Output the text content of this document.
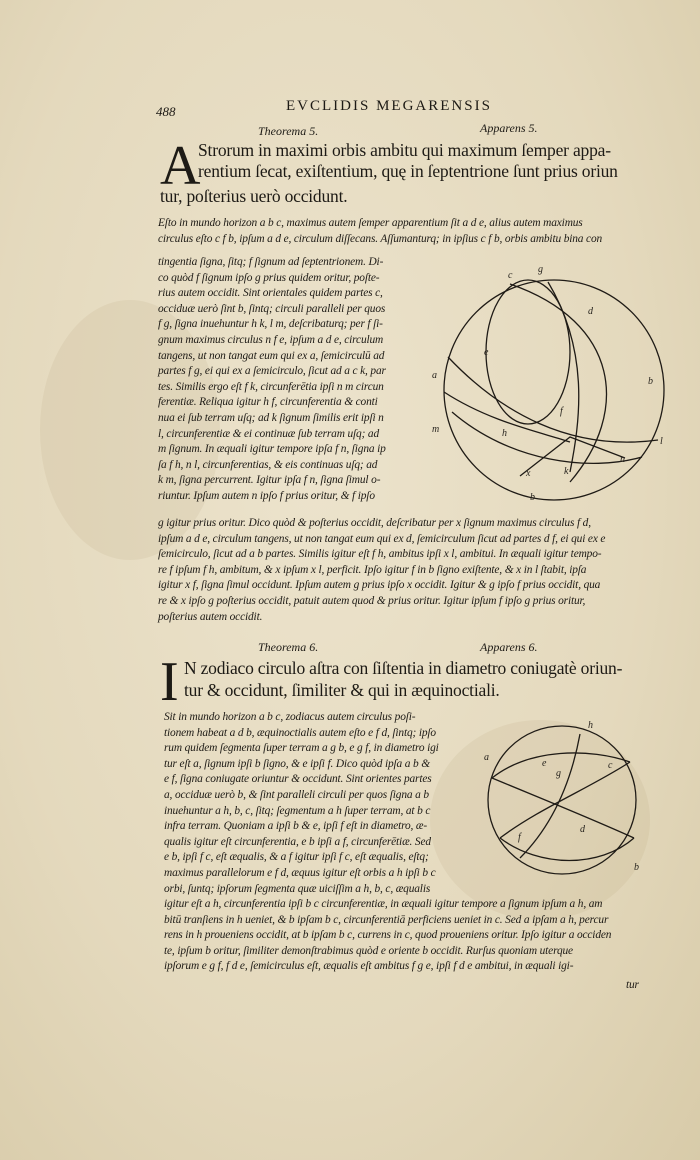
488	EVCLIDIS MEGARENSIS
Theorema 5.	Apparens 5.
A
Strorum in maximi orbis ambitu qui maximum ſemper appa-
rentium ſecat, exiſtentium, quę in ſeptentrione ſunt prius oriun
tur, poſterius uerò occidunt.
Eſto in mundo horizon a b c, maximus autem ſemper apparentium ſit a d e, alius autem maximus
circulus eſto c f b, ipſum a d e, circulum diſſecans. Aſſumanturq; in ipſius c f b, orbis ambitu bina con
tingentia ſigna, ſitq; f ſignum ad ſeptentrionem. Di-
co quòd f ſignum ipſo g prius quidem oritur, poſte-
rius autem occidit. Sint orientales quidem partes c,
occiduæ uerò ſint b, ſintq; circuli paralleli per quos
f g, ſigna inuehuntur h k, l m, deſcribaturq; per f ſi-
gnum maximus circulus n f e, ipſum a d e, circulum
tangens, ut non tangat eum qui ex a, ſemicirculū ad
partes f g, ei qui ex a ſemicirculo, ſicut ad a c k, par
tes. Similis ergo eſt f k, circunferētia ipſi n m circun
ferentiæ. Reliqua igitur h f, circunferentia & conti
nua ei ſub terram uſq; ad k ſignum ſimilis erit ipſi n
l, circunferentiæ & ei continuæ ſub terram uſq; ad
m ſignum. In æquali igitur tempore ipſa f n, ſigna ip
ſa f h, n l, circunferentias, & eis continuas uſq; ad
k m, ſigna percurrent. Igitur ipſa f n, ſigna ſimul o-
riuntur. Ipſum autem n ipſo f prius oritur, & f ipſo
g igitur prius oritur. Dico quòd & poſterius occidit, deſcribatur per x ſignum maximus circulus f d,
ipſum a d e, circulum tangens, ut non tangat eum qui ex d, ſemicirculum ſicut ad partes d f, ei qui ex e
ſemicirculo, ſicut ad a b partes. Similis igitur eſt f h, ambitus ipſi x l, ambitui. In æquali igitur tempo-
re f ipſum f h, ambitum, & x ipſum x l, perficit. Ipſo igitur f in b ſigno exiſtente, & x in l ſtabit, ipſa
igitur x f, ſigna ſimul occidunt. Ipſum autem g prius ipſo x occidit. Igitur & g ipſo f prius occidit, qua
re & x ipſo g poſterius occidit, patuit autem quod & prius oritur. Igitur ipſum f ipſo g prius oritur,
poſterius autem occidit.
c
g
d
e
a
m
f
b
l
n
x	k
h
b
Theorema 6.	Apparens 6.
I N zodiaco circulo aſtra con ſiſtentia in diametro coniugatè oriun-
tur & occidunt, ſimiliter & qui in æquinoctiali.
Sit in mundo horizon a b c, zodiacus autem circulus poſi-
tionem habeat a d b, æquinoctialis autem eſto e f d, ſintq; ipſo
rum quidem ſegmenta ſuper terram a g b, e g f, in diametro igi
tur eſt a, ſignum ipſi b ſigno, & e ipſi f. Dico quòd ipſa a b &
e f, ſigna coniugate oriuntur & occidunt. Sint orientes partes
a, occiduæ uerò b, & ſint paralleli circuli per quos ſigna a b
inuehuntur a h, b, c, ſitq; ſegmentum a h ſuper terram, at b c
infra terram. Quoniam a ipſi b & e, ipſi f eſt in diametro, æ-
qualis igitur eſt circunferentia, e b ipſi a f, circunferētiæ. Sed
e b, ipſi f c, eſt æqualis, & a f igitur ipſi f c, eſt æqualis, eſtq;
maximus parallelorum e f d, æquus igitur eſt orbis a h ipſi b c
orbi, ſuntq; ipſorum ſegmenta quæ uiciſſim a h, b, c, æqualis
igitur eſt a h, circunferentia ipſi b c circunferentiæ, in æquali igitur tempore a ſignum ipſum a h, am
bitū tranſiens in h ueniet, & b ipſam b c, circunferentiā perficiens ueniet in c. Sed a ipſam a h, percur
rens in h proueniens occidit, at b ipſam b c, currens in c, quod proueniens oritur. Ipſo igitur a occiden
te, ipſum b oritur, ſimiliter demonſtrabimus quòd e oriente b occidit. Rurſus quoniam uterque
ipſorum e g f, f d e, ſemicirculus eſt, æqualis eſt ambitus f g e, ipſi f d e ambitui, in æquali igi-
tur
a
h
g
e	c
f
d
b
